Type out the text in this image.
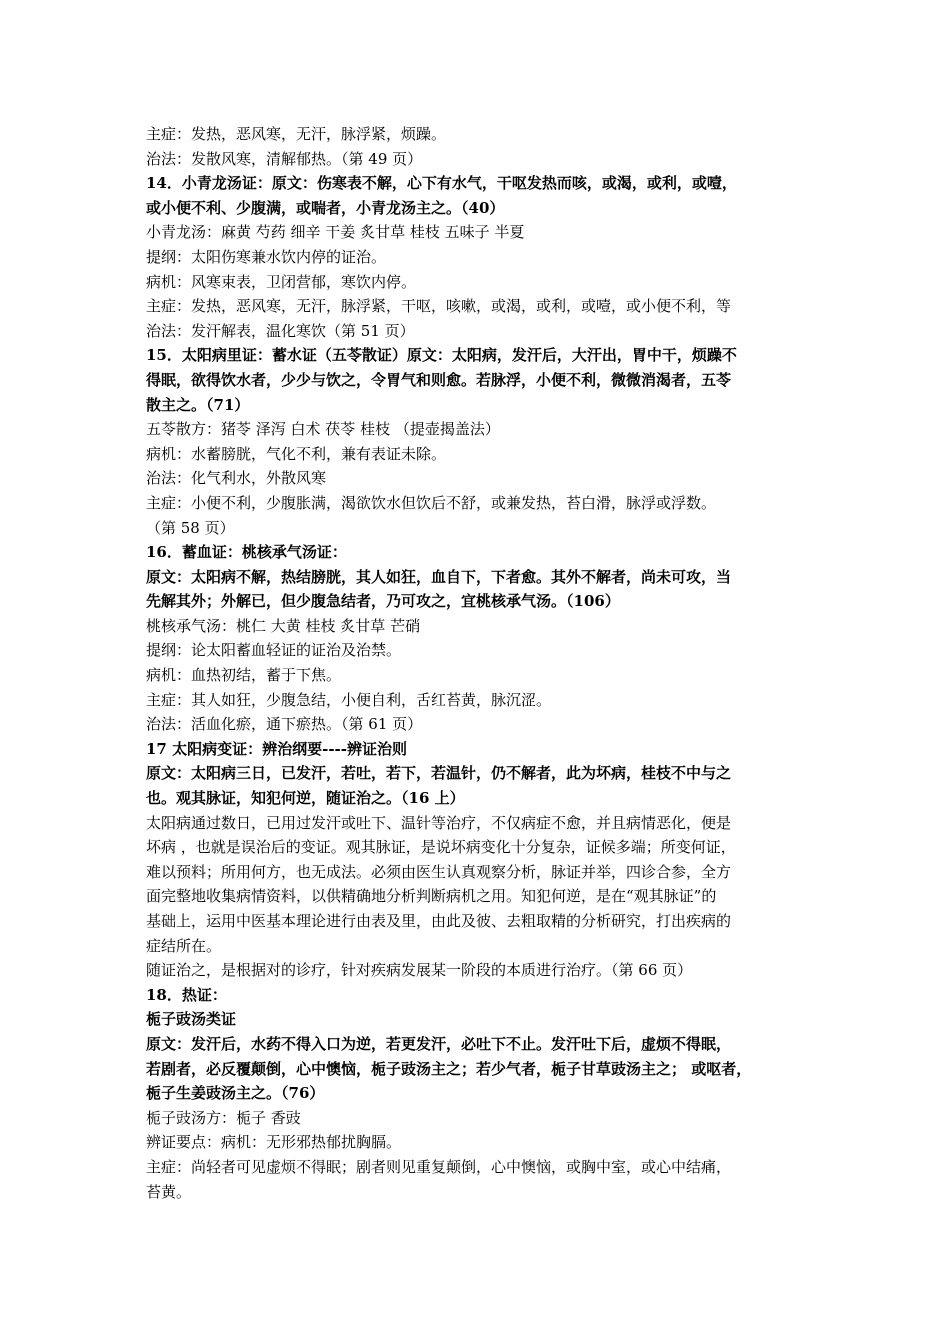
主症：发热，恶风寒，无汗，脉浮紧，烦躁。
治法：发散风寒，清解郁热。（第 49 页）
14．小青龙汤证：原文：伤寒表不解，心下有水气，干呕发热而咳，或渴，或利，或噎，
或小便不利、少腹满，或喘者，小青龙汤主之。（40）
小青龙汤：麻黄 芍药 细辛 干姜 炙甘草 桂枝 五味子 半夏
提纲：太阳伤寒兼水饮内停的证治。
病机：风寒束表，卫闭营郁，寒饮内停。
主症：发热，恶风寒，无汗，脉浮紧，干呕，咳嗽，或渴，或利，或噎，或小便不利，等
治法：发汗解表，温化寒饮（第 51 页）
15．太阳病里证：蓄水证（五苓散证）原文：太阳病，发汗后，大汗出，胃中干，烦躁不
得眠，欲得饮水者，少少与饮之，令胃气和则愈。若脉浮，小便不利，微微消渴者，五苓
散主之。（71）
五苓散方：猪苓 泽泻 白术 茯苓 桂枝 （提壶揭盖法）
病机：水蓄膀胱，气化不利，兼有表证未除。
治法：化气利水，外散风寒
主症：小便不利，少腹胀满，渴欲饮水但饮后不舒，或兼发热，苔白滑，脉浮或浮数。
（第 58 页）
16．蓄血证：桃核承气汤证：
原文：太阳病不解，热结膀胱，其人如狂，血自下，下者愈。其外不解者，尚未可攻，当
先解其外；外解已，但少腹急结者，乃可攻之，宜桃核承气汤。（106）
桃核承气汤：桃仁 大黄 桂枝 炙甘草 芒硝
提纲：论太阳蓄血轻证的证治及治禁。
病机：血热初结，蓄于下焦。
主症：其人如狂，少腹急结，小便自利，舌红苔黄，脉沉涩。
治法：活血化瘀，通下瘀热。（第 61 页）
17 太阳病变证：辨治纲要----辨证治则
原文：太阳病三日，已发汗，若吐，若下，若温针，仍不解者，此为坏病，桂枝不中与之
也。观其脉证，知犯何逆，随证治之。（16 上）
太阳病通过数日，已用过发汗或吐下、温针等治疗，不仅病症不愈，并且病情恶化，便是
坏病 ，也就是误治后的变证。观其脉证，是说坏病变化十分复杂，证候多端；所变何证，
难以预料；所用何方，也无成法。必须由医生认真观察分析，脉证并举，四诊合参，全方
面完整地收集病情资料，以供精确地分析判断病机之用。知犯何逆，是在“观其脉证”的
基础上，运用中医基本理论进行由表及里，由此及彼、去粗取精的分析研究，打出疾病的
症结所在。
随证治之，是根据对的诊疗，针对疾病发展某一阶段的本质进行治疗。（第 66 页）
18．热证：
栀子豉汤类证
原文：发汗后，水药不得入口为逆，若更发汗，必吐下不止。发汗吐下后，虚烦不得眠，
若剧者，必反覆颠倒，心中懊恼，栀子豉汤主之；若少气者，栀子甘草豉汤主之； 或呕者，
栀子生姜豉汤主之。（76）
栀子豉汤方：栀子 香豉
辨证要点：病机：无形邪热郁扰胸膈。
主症：尚轻者可见虚烦不得眠；剧者则见重复颠倒，心中懊恼，或胸中室，或心中结痛，
苔黄。
